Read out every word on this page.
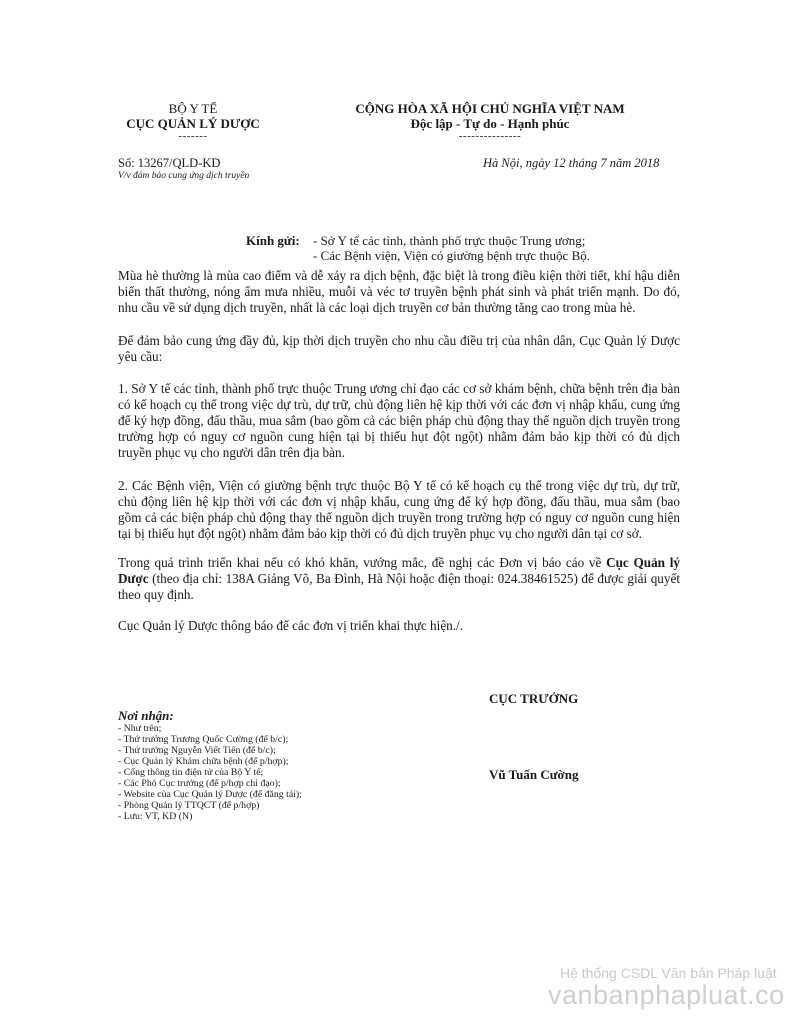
BỘ Y TẾ
CỤC QUẢN LÝ DƯỢC
-------
CỘNG HÒA XÃ HỘI CHỦ NGHĨA VIỆT NAM
Độc lập - Tự do - Hạnh phúc
---------------
Số: 13267/QLD-KD
V/v đảm bảo cung ứng dịch truyền
Hà Nội, ngày 12 tháng 7 năm 2018
Kính gửi: - Sở Y tế các tỉnh, thành phố trực thuộc Trung ương;
- Các Bệnh viện, Viện có giường bệnh trực thuộc Bộ.
Mùa hè thường là mùa cao điểm và dễ xảy ra dịch bệnh, đặc biệt là trong điều kiện thời tiết, khí hậu diễn biến thất thường, nóng ẩm mưa nhiều, muỗi và véc tơ truyền bệnh phát sinh và phát triển mạnh. Do đó, nhu cầu về sử dụng dịch truyền, nhất là các loại dịch truyền cơ bản thường tăng cao trong mùa hè.
Để đảm bảo cung ứng đầy đủ, kịp thời dịch truyền cho nhu cầu điều trị của nhân dân, Cục Quản lý Dược yêu cầu:
1. Sở Y tế các tỉnh, thành phố trực thuộc Trung ương chỉ đạo các cơ sở khám bệnh, chữa bệnh trên địa bàn có kế hoạch cụ thể trong việc dự trù, dự trữ, chủ động liên hệ kịp thời với các đơn vị nhập khẩu, cung ứng để ký hợp đồng, đấu thầu, mua sắm (bao gồm cả các biện pháp chủ động thay thế nguồn dịch truyền trong trường hợp có nguy cơ nguồn cung hiện tại bị thiếu hụt đột ngột) nhằm đảm bảo kịp thời có đủ dịch truyền phục vụ cho người dân trên địa bàn.
2. Các Bệnh viện, Viện có giường bệnh trực thuộc Bộ Y tế có kế hoạch cụ thể trong việc dự trù, dự trữ, chủ động liên hệ kịp thời với các đơn vị nhập khẩu, cung ứng để ký hợp đồng, đấu thầu, mua sắm (bao gồm cả các biện pháp chủ động thay thế nguồn dịch truyền trong trường hợp có nguy cơ nguồn cung hiện tại bị thiếu hụt đột ngột) nhằm đảm bảo kịp thời có đủ dịch truyền phục vụ cho người dân tại cơ sở.
Trong quá trình triển khai nếu có khó khăn, vướng mắc, đề nghị các Đơn vị báo cáo về Cục Quản lý Dược (theo địa chỉ: 138A Giảng Võ, Ba Đình, Hà Nội hoặc điện thoại: 024.38461525) để được giải quyết theo quy định.
Cục Quản lý Dược thông báo để các đơn vị triển khai thực hiện./.
CỤC TRƯỞNG
Vũ Tuấn Cường
Nơi nhận:
- Như trên;
- Thứ trưởng Trương Quốc Cường (để b/c);
- Thứ trưởng Nguyễn Viết Tiến (để b/c);
- Cục Quản lý Khám chữa bệnh (để p/hợp);
- Cổng thông tin điện tử của Bộ Y tế;
- Các Phó Cục trưởng (để p/hợp chỉ đạo);
- Website của Cục Quản lý Dược (để đăng tải);
- Phòng Quản lý TTQCT (để p/hợp)
- Lưu: VT, KD (N)
Hệ thống CSDL Văn bản Pháp luật
vanbanphapluat.co
